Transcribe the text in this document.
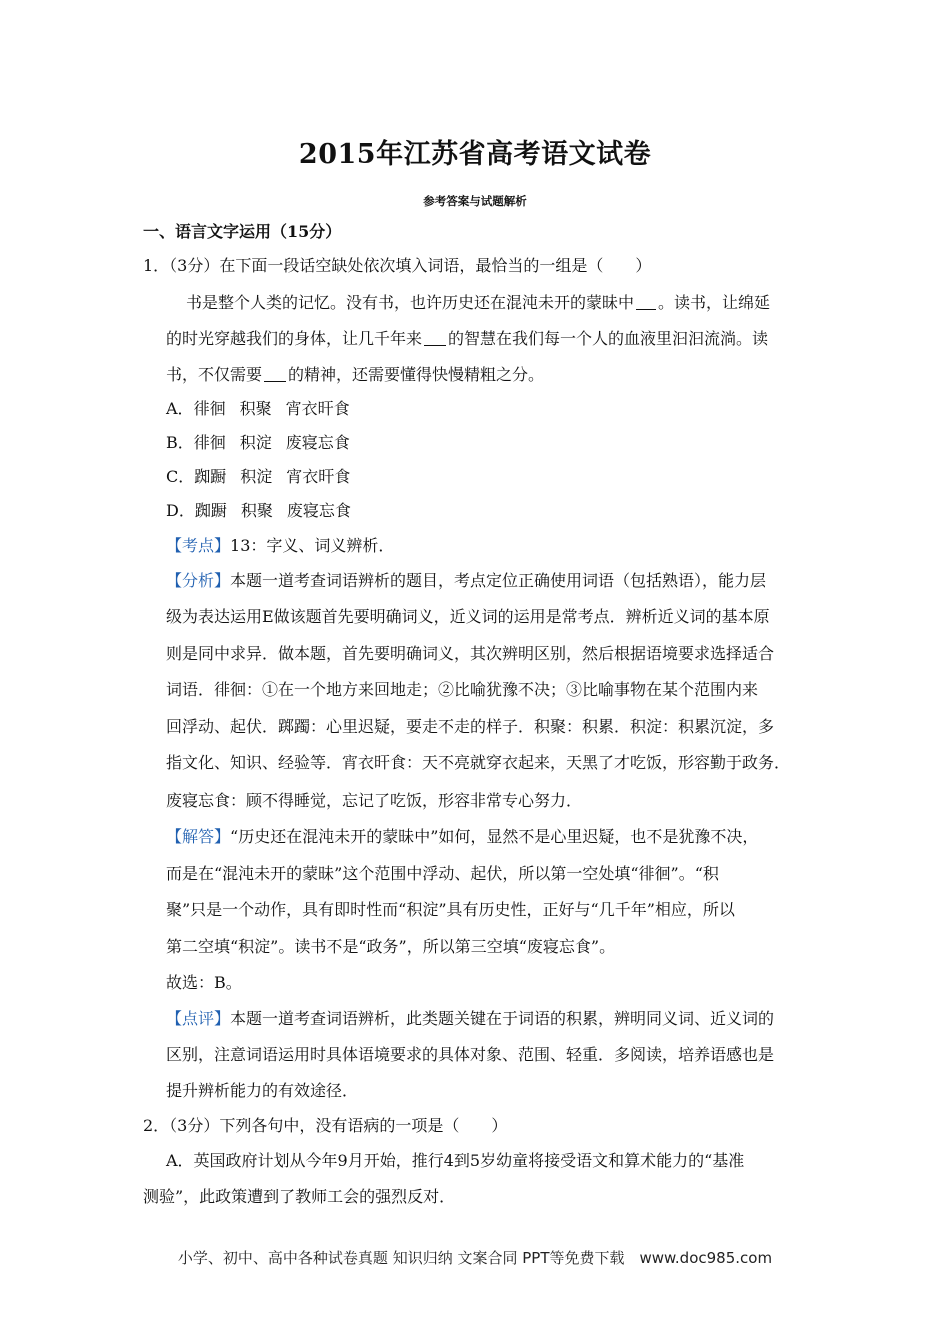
2015年江苏省高考语文试卷
参考答案与试题解析
一、语言文字运用（15分）
1．（3分）在下面一段话空缺处依次填入词语，最恰当的一组是（　　）
书是整个人类的记忆。没有书，也许历史还在混沌未开的蒙昧中 。读书，让绵延
的时光穿越我们的身体，让几千年来 的智慧在我们每一个人的血液里汩汩流淌。读
书，不仅需要 的精神，还需要懂得快慢精粗之分。
A．徘徊 积聚 宵衣旰食
B．徘徊 积淀 废寝忘食
C．踟蹰 积淀 宵衣旰食
D．踟蹰 积聚 废寝忘食
【考点】13：字义、词义辨析．
【分析】本题一道考查词语辨析的题目，考点定位正确使用词语（包括熟语），能力层
级为表达运用E做该题首先要明确词义，近义词的运用是常考点．辨析近义词的基本原
则是同中求异．做本题，首先要明确词义，其次辨明区别，然后根据语境要求选择适合
词语．徘徊：①在一个地方来回地走；②比喻犹豫不决；③比喻事物在某个范围内来
回浮动、起伏．踯躅：心里迟疑，要走不走的样子．积聚：积累．积淀：积累沉淀，多
指文化、知识、经验等．宵衣旰食：天不亮就穿衣起来，天黑了才吃饭，形容勤于政务．
废寝忘食：顾不得睡觉，忘记了吃饭，形容非常专心努力．
【解答】“历史还在混沌未开的蒙昧中”如何，显然不是心里迟疑，也不是犹豫不决，
而是在“混沌未开的蒙昧”这个范围中浮动、起伏，所以第一空处填“徘徊”。“积
聚”只是一个动作，具有即时性而“积淀”具有历史性，正好与“几千年”相应，所以
第二空填“积淀”。读书不是“政务”，所以第三空填“废寝忘食”。
故选：B。
【点评】本题一道考查词语辨析，此类题关键在于词语的积累，辨明同义词、近义词的
区别，注意词语运用时具体语境要求的具体对象、范围、轻重．多阅读，培养语感也是
提升辨析能力的有效途径．
2．（3分）下列各句中，没有语病的一项是（　　）
A．英国政府计划从今年9月开始，推行4到5岁幼童将接受语文和算术能力的“基准
测验”，此政策遭到了教师工会的强烈反对．
小学、初中、高中各种试卷真题 知识归纳 文案合同 PPT等免费下载　www.doc985.com
